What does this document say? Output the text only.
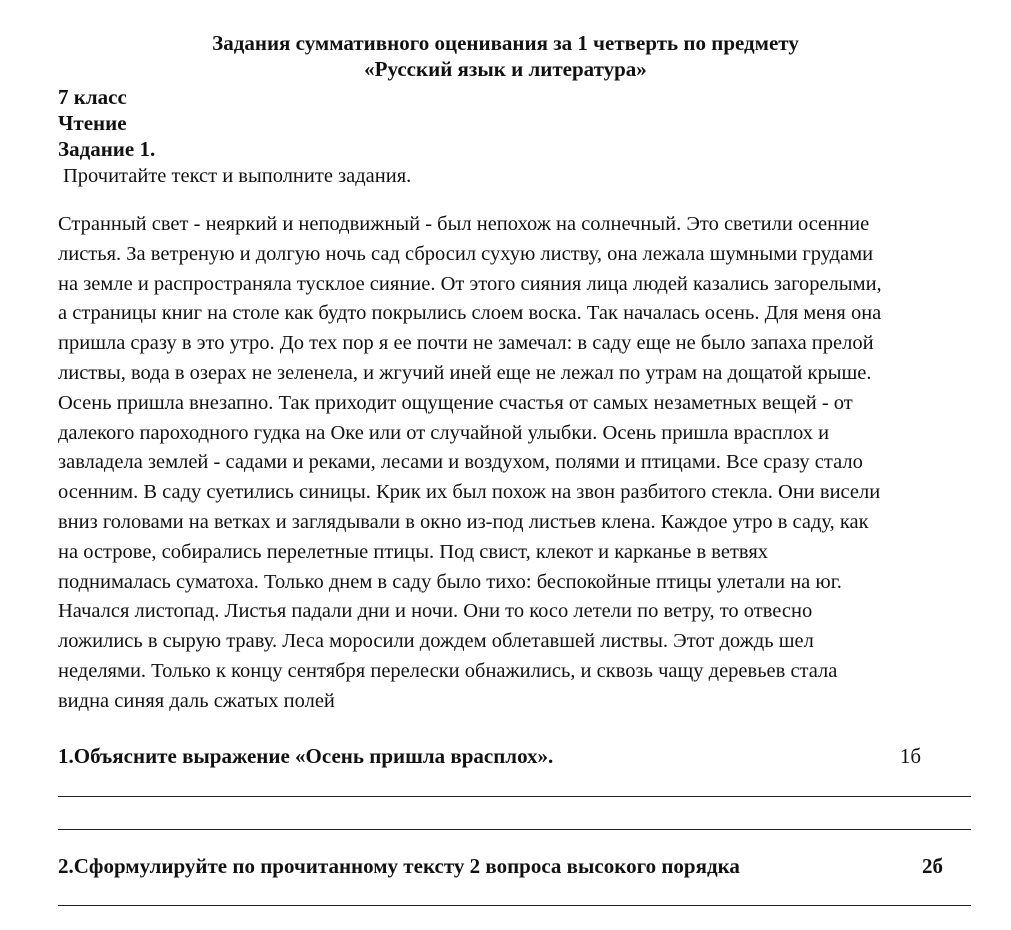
Задания суммативного оценивания за 1 четверть по предмету
«Русский язык и литература»
7 класс
Чтение
Задание 1.
Прочитайте текст и выполните задания.
Странный свет - неяркий и неподвижный - был непохож на солнечный. Это светили осенние
листья. За ветреную и долгую ночь сад сбросил сухую листву, она лежала шумными грудами
на земле и распространяла тусклое сияние. От этого сияния лица людей казались загорелыми,
а страницы книг на столе как будто покрылись слоем воска. Так началась осень. Для меня она
пришла сразу в это утро. До тех пор я ее почти не замечал: в саду еще не было запаха прелой
листвы, вода в озерах не зеленела, и жгучий иней еще не лежал по утрам на дощатой крыше.
Осень пришла внезапно. Так приходит ощущение счастья от самых незаметных вещей - от
далекого пароходного гудка на Оке или от случайной улыбки. Осень пришла врасплох и
завладела землей - садами и реками, лесами и воздухом, полями и птицами. Все сразу стало
осенним. В саду суетились синицы. Крик их был похож на звон разбитого стекла. Они висели
вниз головами на ветках и заглядывали в окно из-под листьев клена. Каждое утро в саду, как
на острове, собирались перелетные птицы. Под свист, клекот и карканье в ветвях
поднималась суматоха. Только днем в саду было тихо: беспокойные птицы улетали на юг.
Начался листопад. Листья падали дни и ночи. Они то косо летели по ветру, то отвесно
ложились в сырую траву. Леса моросили дождем облетавшей листвы. Этот дождь шел
неделями. Только к концу сентября перелески обнажились, и сквозь чащу деревьев стала
видна синяя даль сжатых полей
1.Объясните выражение «Осень пришла врасплох».	1б
2.Сформулируйте по прочитанному тексту 2 вопроса высокого порядка	2б
